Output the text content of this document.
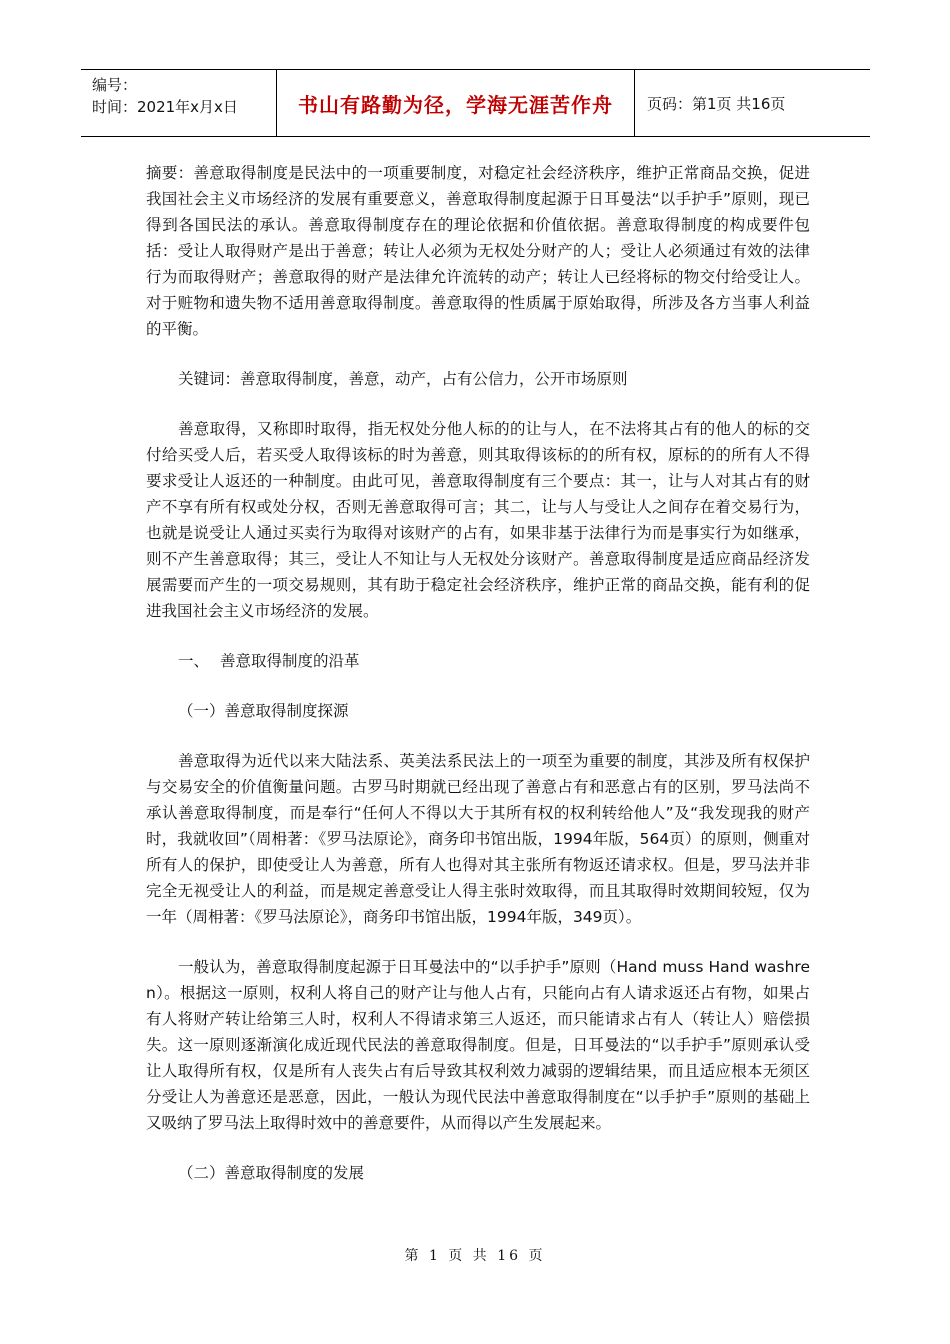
编号：
时间：2021年x月x日	书山有路勤为径，学海无涯苦作舟	页码：第1页 共16页

摘要：善意取得制度是民法中的一项重要制度，对稳定社会经济秩序，维护正常商品交换，促进我国社会主义市场经济的发展有重要意义，善意取得制度起源于日耳曼法“以手护手”原则，现已得到各国民法的承认。善意取得制度存在的理论依据和价值依据。善意取得制度的构成要件包括：受让人取得财产是出于善意；转让人必须为无权处分财产的人；受让人必须通过有效的法律行为而取得财产；善意取得的财产是法律允许流转的动产；转让人已经将标的物交付给受让人。对于赃物和遗失物不适用善意取得制度。善意取得的性质属于原始取得，所涉及各方当事人利益的平衡。

关键词：善意取得制度，善意，动产，占有公信力，公开市场原则

善意取得，又称即时取得，指无权处分他人标的的让与人，在不法将其占有的他人的标的交付给买受人后，若买受人取得该标的时为善意，则其取得该标的的所有权，原标的的所有人不得要求受让人返还的一种制度。由此可见，善意取得制度有三个要点：其一，让与人对其占有的财产不享有所有权或处分权，否则无善意取得可言；其二，让与人与受让人之间存在着交易行为，也就是说受让人通过买卖行为取得对该财产的占有，如果非基于法律行为而是事实行为如继承，则不产生善意取得；其三，受让人不知让与人无权处分该财产。善意取得制度是适应商品经济发展需要而产生的一项交易规则，其有助于稳定社会经济秩序，维护正常的商品交换，能有利的促进我国社会主义市场经济的发展。

一、 善意取得制度的沿革
（一）善意取得制度探源

善意取得为近代以来大陆法系、英美法系民法上的一项至为重要的制度，其涉及所有权保护与交易安全的价值衡量问题。古罗马时期就已经出现了善意占有和恶意占有的区别，罗马法尚不承认善意取得制度，而是奉行“任何人不得以大于其所有权的权利转给他人”及“我发现我的财产时，我就收回”（周枏著：《罗马法原论》，商务印书馆出版，1994年版，564页）的原则，侧重对所有人的保护，即使受让人为善意，所有人也得对其主张所有物返还请求权。但是，罗马法并非完全无视受让人的利益，而是规定善意受让人得主张时效取得，而且其取得时效期间较短，仅为一年（周枏著：《罗马法原论》，商务印书馆出版，1994年版，349页）。

一般认为，善意取得制度起源于日耳曼法中的“以手护手”原则（Hand muss Hand washren）。根据这一原则，权利人将自己的财产让与他人占有，只能向占有人请求返还占有物，如果占有人将财产转让给第三人时，权利人不得请求第三人返还，而只能请求占有人（转让人）赔偿损失。这一原则逐渐演化成近现代民法的善意取得制度。但是，日耳曼法的“以手护手”原则承认受让人取得所有权，仅是所有人丧失占有后导致其权利效力减弱的逻辑结果，而且适应根本无须区分受让人为善意还是恶意，因此，一般认为现代民法中善意取得制度在“以手护手”原则的基础上又吸纳了罗马法上取得时效中的善意要件，从而得以产生发展起来。

（二）善意取得制度的发展
第 1 页 共 16 页
